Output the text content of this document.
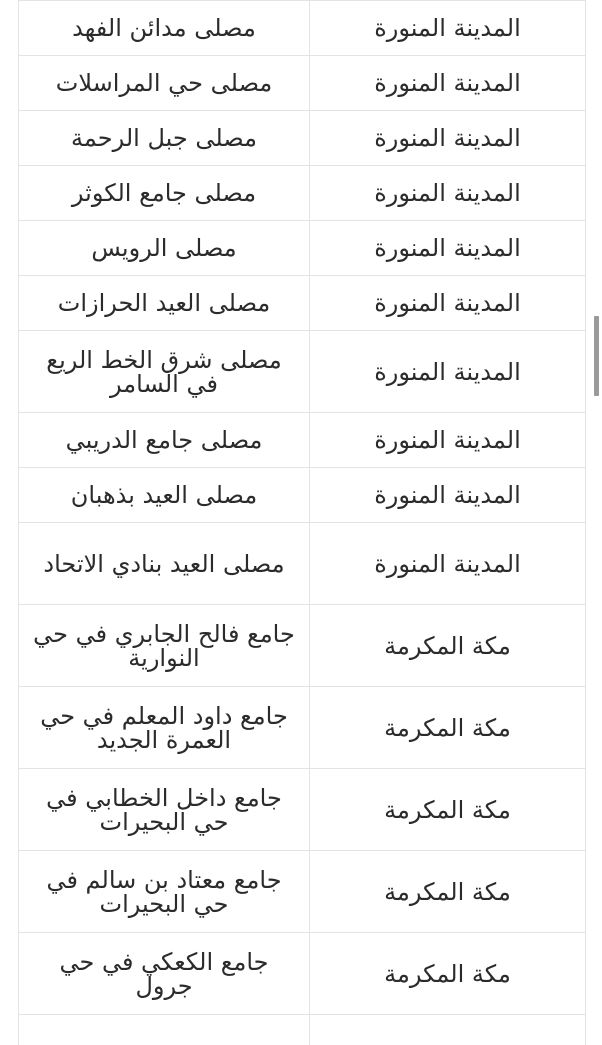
المدينة المنورة	مصلى مدائن الفهد
المدينة المنورة	مصلى حي المراسلات
المدينة المنورة	مصلى جبل الرحمة
المدينة المنورة	مصلى جامع الكوثر
المدينة المنورة	مصلى الرويس
المدينة المنورة	مصلى العيد الحرازات
المدينة المنورة	مصلى شرق الخط الريع في السامر
المدينة المنورة	مصلى جامع الدريبي
المدينة المنورة	مصلى العيد بذهبان
المدينة المنورة	مصلى العيد بنادي الاتحاد
مكة المكرمة	جامع فالح الجابري في حي النوارية
مكة المكرمة	جامع داود المعلم في حي العمرة الجديد
مكة المكرمة	جامع داخل الخطابي في حي البحيرات
مكة المكرمة	جامع معتاد بن سالم في حي البحيرات
مكة المكرمة	جامع الكعكي في حي جرول
